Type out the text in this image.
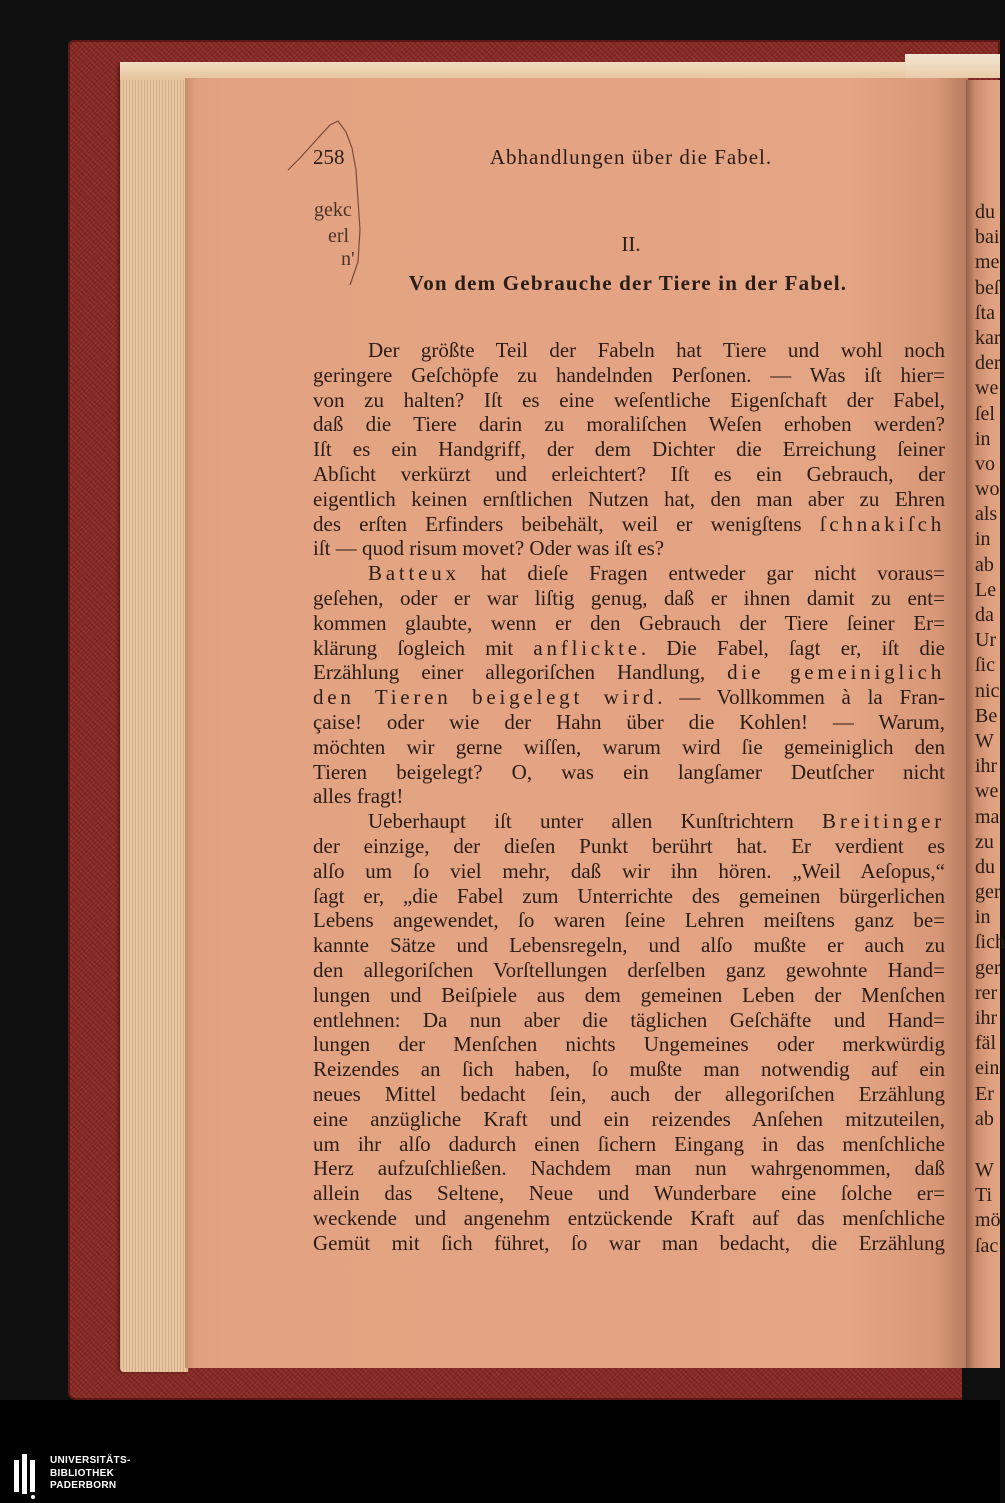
gekc
erl
n'
258	Abhandlungen über die Fabel.
II.
Von dem Gebrauche der Tiere in der Fabel.
Der größte Teil der Fabeln hat Tiere und wohl noch
geringere Geſchöpfe zu handelnden Perſonen. — Was iſt hier=
von zu halten? Iſt es eine weſentliche Eigenſchaft der Fabel,
daß die Tiere darin zu moraliſchen Weſen erhoben werden?
Iſt es ein Handgriff, der dem Dichter die Erreichung ſeiner
Abſicht verkürzt und erleichtert? Iſt es ein Gebrauch, der
eigentlich keinen ernſtlichen Nutzen hat, den man aber zu Ehren
des erſten Erfinders beibehält, weil er wenigſtens ſchnakiſch
iſt — quod risum movet? Oder was iſt es?
Batteux hat dieſe Fragen entweder gar nicht voraus=
geſehen, oder er war liſtig genug, daß er ihnen damit zu ent=
kommen glaubte, wenn er den Gebrauch der Tiere ſeiner Er=
klärung ſogleich mit anflickte. Die Fabel, ſagt er, iſt die
Erzählung einer allegoriſchen Handlung, die gemeiniglich
den Tieren beigelegt wird. — Vollkommen à la Fran-
çaise! oder wie der Hahn über die Kohlen! — Warum,
möchten wir gerne wiſſen, warum wird ſie gemeiniglich den
Tieren beigelegt? O, was ein langſamer Deutſcher nicht
alles fragt!
Ueberhaupt iſt unter allen Kunſtrichtern Breitinger
der einzige, der dieſen Punkt berührt hat. Er verdient es
alſo um ſo viel mehr, daß wir ihn hören. „Weil Aeſopus,“
ſagt er, „die Fabel zum Unterrichte des gemeinen bürgerlichen
Lebens angewendet, ſo waren ſeine Lehren meiſtens ganz be=
kannte Sätze und Lebensregeln, und alſo mußte er auch zu
den allegoriſchen Vorſtellungen derſelben ganz gewohnte Hand=
lungen und Beiſpiele aus dem gemeinen Leben der Menſchen
entlehnen: Da nun aber die täglichen Geſchäfte und Hand=
lungen der Menſchen nichts Ungemeines oder merkwürdig
Reizendes an ſich haben, ſo mußte man notwendig auf ein
neues Mittel bedacht ſein, auch der allegoriſchen Erzählung
eine anzügliche Kraft und ein reizendes Anſehen mitzuteilen,
um ihr alſo dadurch einen ſichern Eingang in das menſchliche
Herz aufzuſchließen. Nachdem man nun wahrgenommen, daß
allein das Seltene, Neue und Wunderbare eine ſolche er=
weckende und angenehm entzückende Kraft auf das menſchliche
Gemüt mit ſich führet, ſo war man bedacht, die Erzählung
du
bai
me
beſ
ſta
kar
der
we
ſel
in
vo
wo
als
in
ab
Le
da
Ur
ſic
nic
Be
W
ihr
we
ma
zu
du
ger
in
ſich
ger
rer
ihr
fäl
ein
Er
ab
W
Ti
mö
ſac
UNIVERSITÄTS-
BIBLIOTHEK
PADERBORN
